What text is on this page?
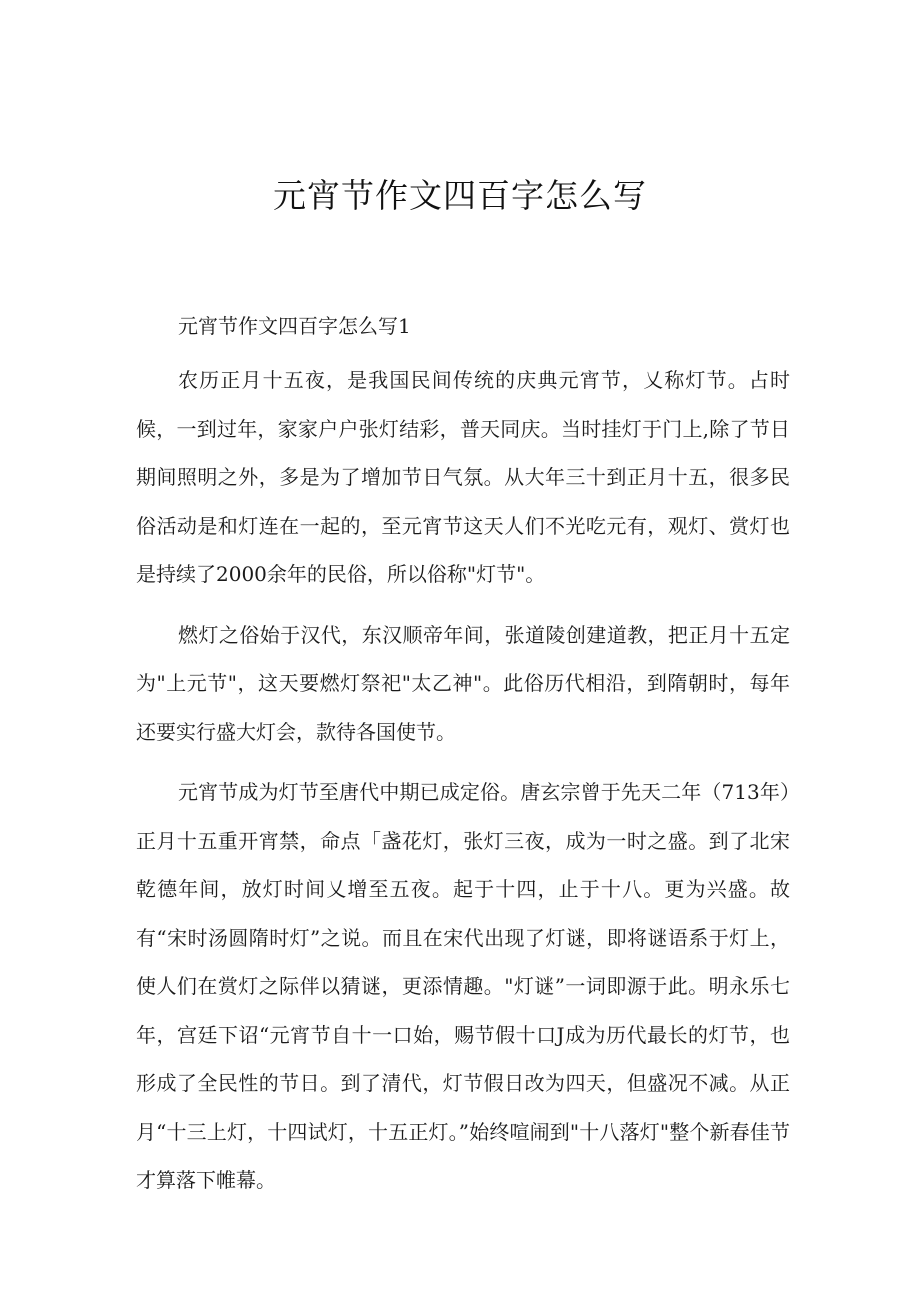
元宵节作文四百字怎么写

元宵节作文四百字怎么写1

农历正月十五夜，是我国民间传统的庆典元宵节，乂称灯节。占时候，一到过年，家家户户张灯结彩，普天同庆。当时挂灯于门上,除了节日期间照明之外，多是为了增加节日气氛。从大年三十到正月十五，很多民俗活动是和灯连在一起的，至元宵节这天人们不光吃元有，观灯、赏灯也是持续了2000余年的民俗，所以俗称"灯节"。

燃灯之俗始于汉代，东汉顺帝年间，张道陵创建道教，把正月十五定为"上元节"，这天要燃灯祭祀"太乙神"。此俗历代相沿，到隋朝时，每年还要实行盛大灯会，款待各国使节。

元宵节成为灯节至唐代中期已成定俗。唐玄宗曾于先天二年（713年）正月十五重开宵禁，命点「盏花灯，张灯三夜，成为一时之盛。到了北宋乾德年间，放灯时间乂增至五夜。起于十四，止于十八。更为兴盛。故有“宋时汤圆隋时灯”之说。而且在宋代出现了灯谜，即将谜语系于灯上，使人们在赏灯之际伴以猜谜，更添情趣。"灯谜”一词即源于此。明永乐七年，宫廷下诏“元宵节自十一口始，赐节假十口J成为历代最长的灯节，也形成了全民性的节日。到了清代，灯节假日改为四天，但盛况不减。从正月“十三上灯，十四试灯，十五正灯。”始终喧闹到"十八落灯"整个新春佳节才算落下帷幕。
